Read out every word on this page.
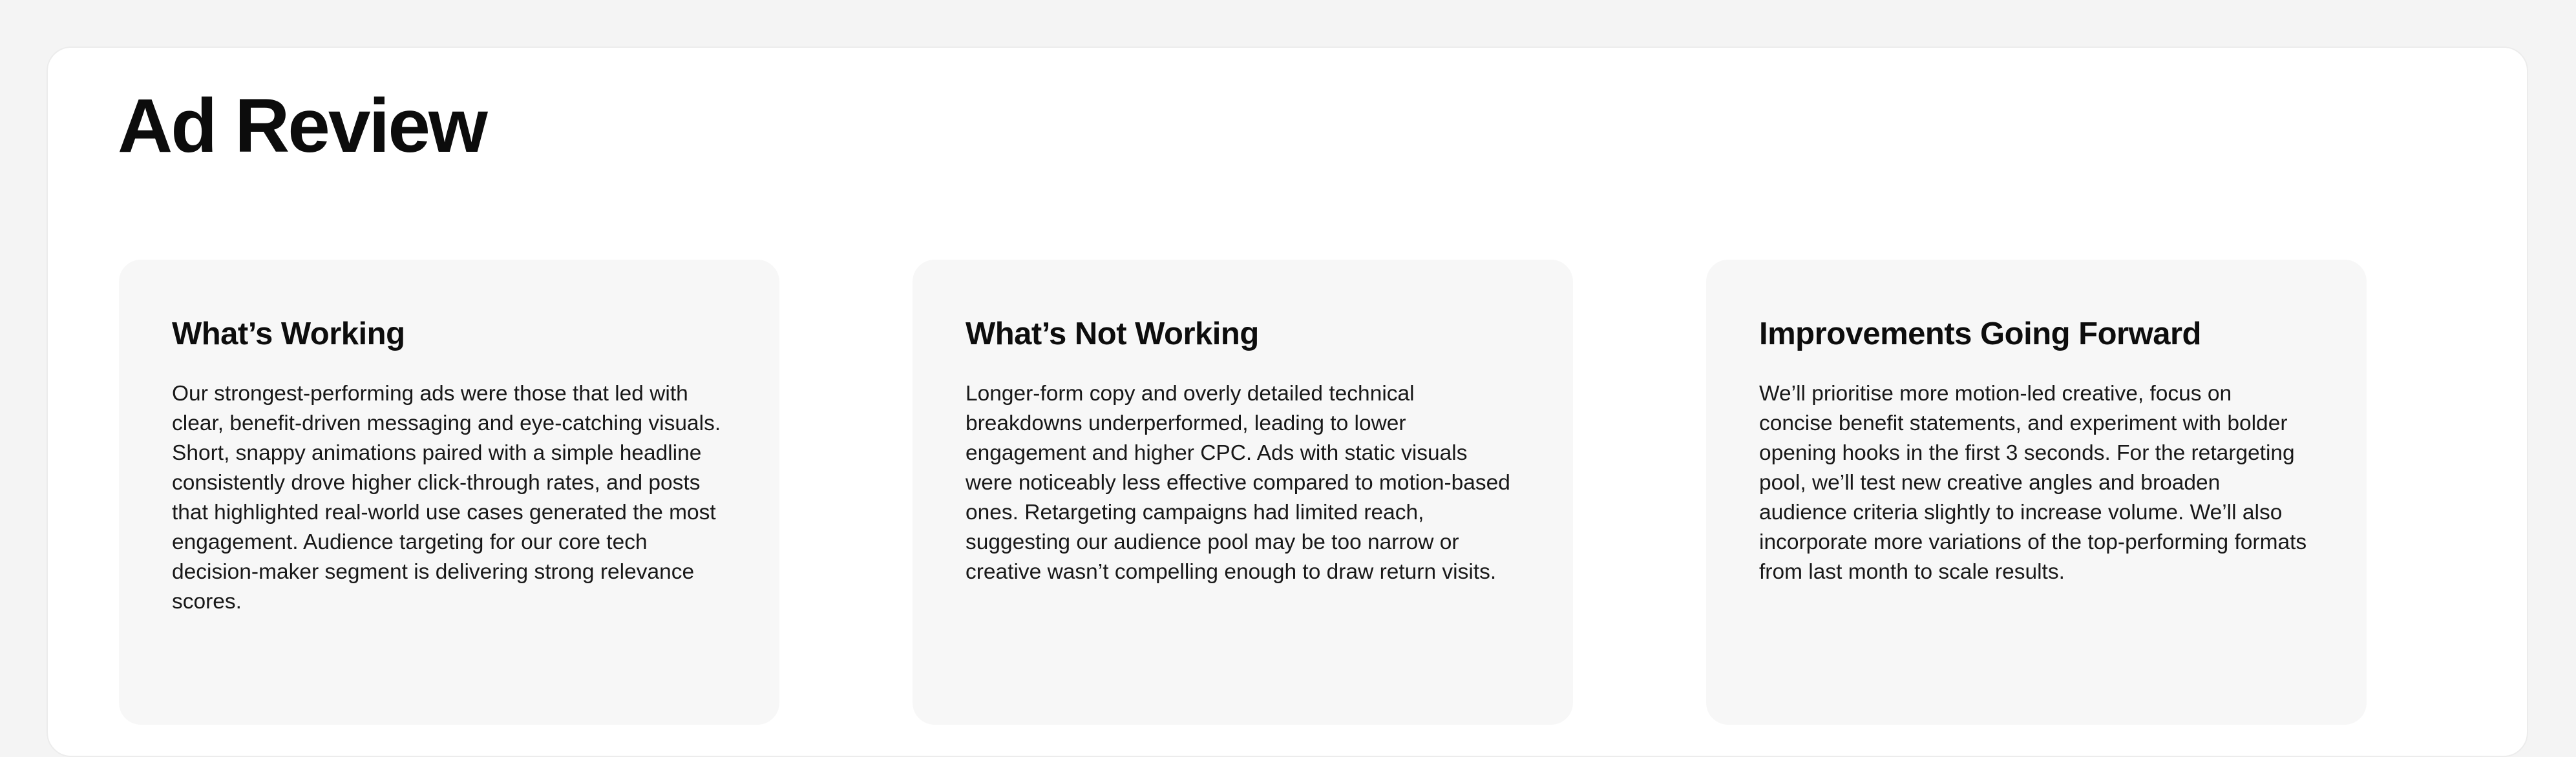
Ad Review
What’s Working

Our strongest-performing ads were those that led with clear, benefit-driven messaging and eye-catching visuals. Short, snappy animations paired with a simple headline consistently drove higher click-through rates, and posts that highlighted real-world use cases generated the most engagement. Audience targeting for our core tech decision-maker segment is delivering strong relevance scores.

What’s Not Working

Longer-form copy and overly detailed technical breakdowns underperformed, leading to lower engagement and higher CPC. Ads with static visuals were noticeably less effective compared to motion-based ones. Retargeting campaigns had limited reach, suggesting our audience pool may be too narrow or creative wasn’t compelling enough to draw return visits.

Improvements Going Forward

We’ll prioritise more motion-led creative, focus on concise benefit statements, and experiment with bolder opening hooks in the first 3 seconds. For the retargeting pool, we’ll test new creative angles and broaden audience criteria slightly to increase volume. We’ll also incorporate more variations of the top-performing formats from last month to scale results.
